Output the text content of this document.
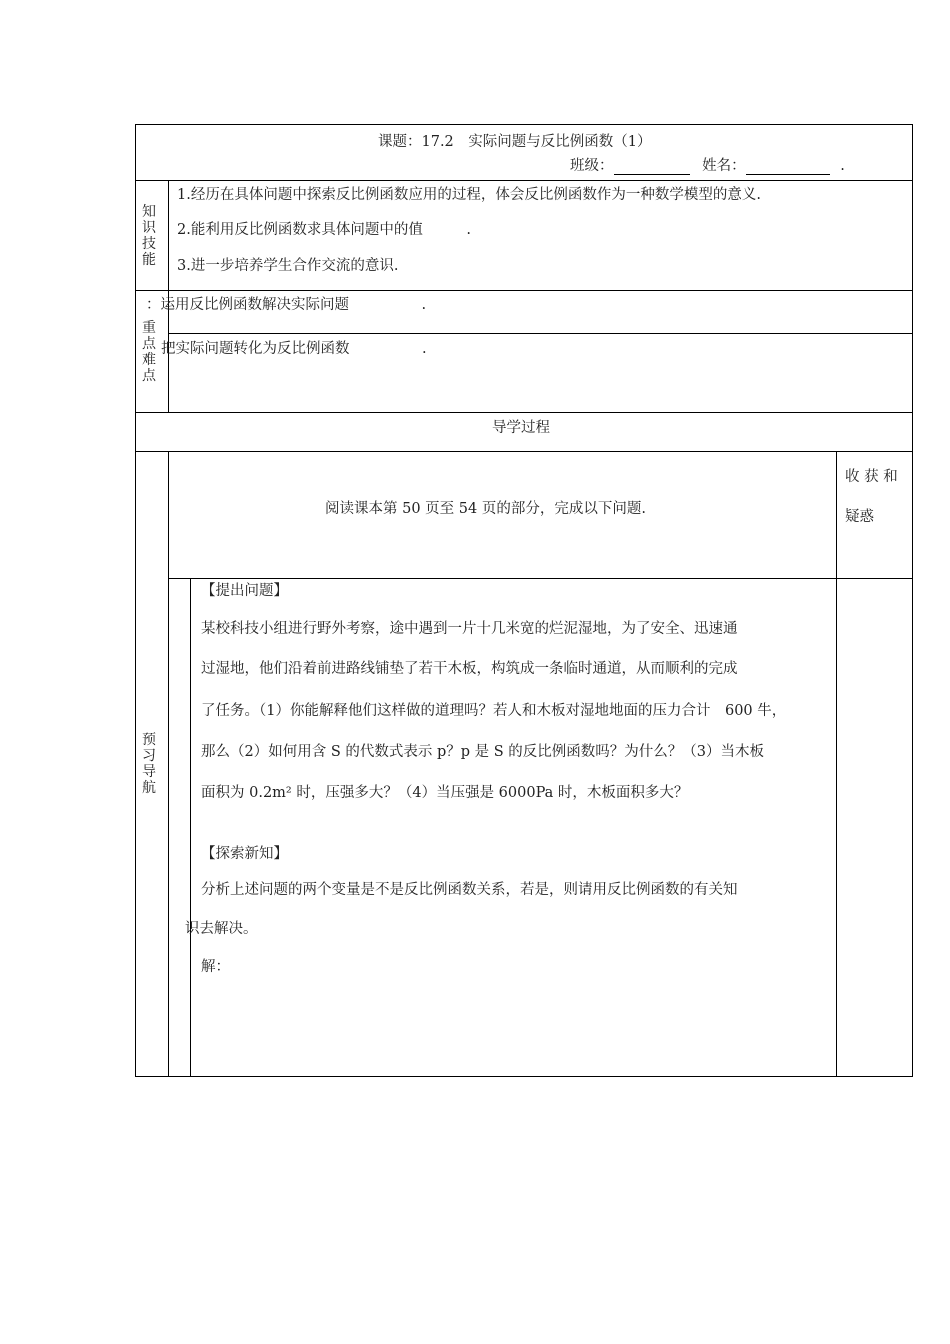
课题：17.2　实际问题与反比例函数（1）
班级：	姓名：	.
知
识
技
能
1.经历在具体问题中探索反比例函数应用的过程，体会反比例函数作为一种数学模型的意义.
2.能利用反比例函数求具体问题中的值　　　.
3.进一步培养学生合作交流的意识.
重
点
难
点
：运用反比例函数解决实际问题　　　　　.
把实际问题转化为反比例函数　　　　　.
导学过程
收 获 和 疑惑
预
习
导
航
阅读课本第 50 页至 54 页的部分，完成以下问题.
【提出问题】
某校科技小组进行野外考察，途中遇到一片十几米宽的烂泥湿地，为了安全、迅速通
过湿地，他们沿着前进路线铺垫了若干木板，构筑成一条临时通道，从而顺利的完成
了任务。（1）你能解释他们这样做的道理吗？若人和木板对湿地地面的压力合计　600 牛，
那么（2）如何用含 S 的代数式表示 p？p 是 S 的反比例函数吗？为什么？（3）当木板
面积为 0.2m² 时，压强多大？（4）当压强是 6000Pa 时，木板面积多大？
【探索新知】
分析上述问题的两个变量是不是反比例函数关系，若是，则请用反比例函数的有关知
识去解决。
解：
